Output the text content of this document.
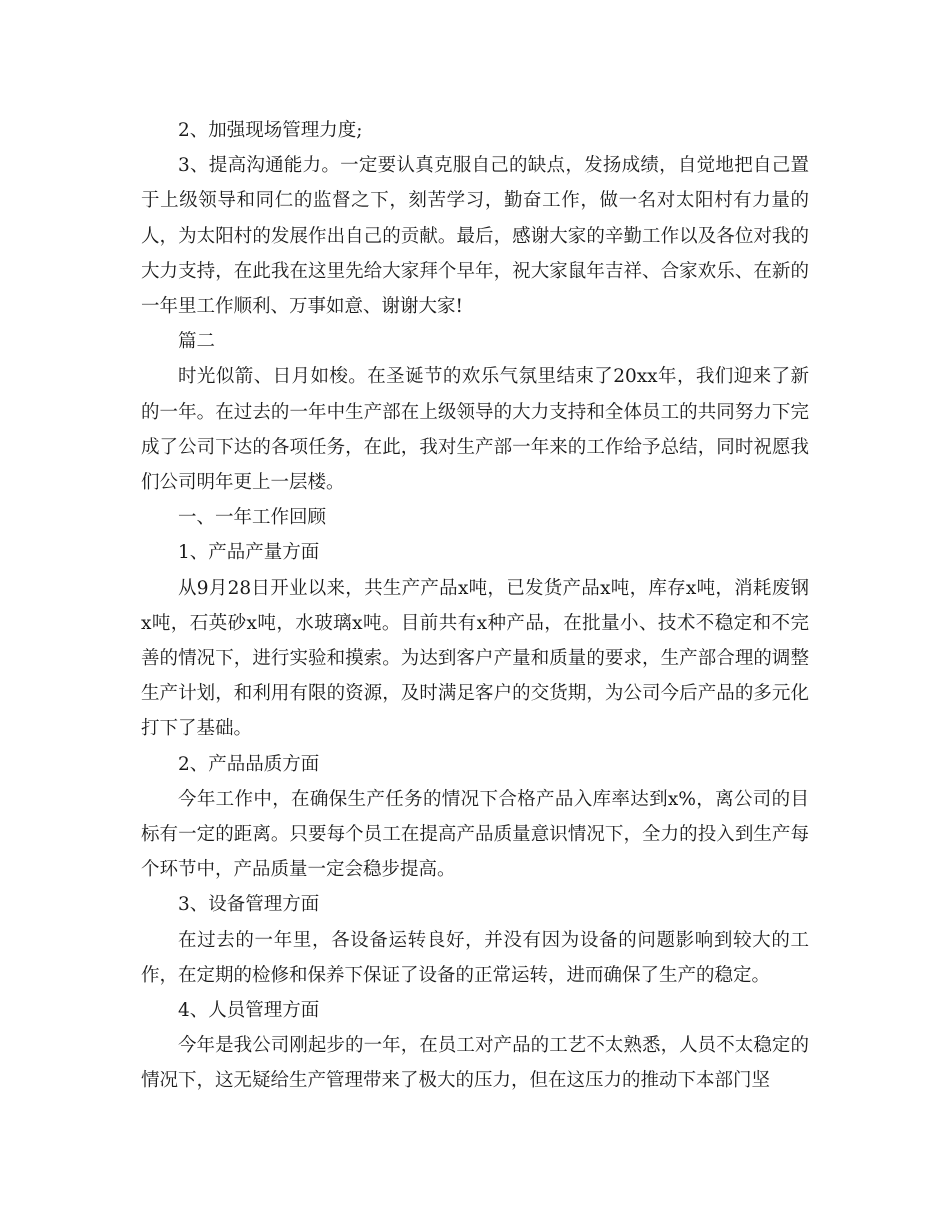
2、加强现场管理力度;

3、提高沟通能力。一定要认真克服自己的缺点，发扬成绩，自觉地把自己置于上级领导和同仁的监督之下，刻苦学习，勤奋工作，做一名对太阳村有力量的人，为太阳村的发展作出自己的贡献。最后，感谢大家的辛勤工作以及各位对我的大力支持，在此我在这里先给大家拜个早年，祝大家鼠年吉祥、合家欢乐、在新的一年里工作顺利、万事如意、谢谢大家!

篇二

时光似箭、日月如梭。在圣诞节的欢乐气氛里结束了20xx年，我们迎来了新的一年。在过去的一年中生产部在上级领导的大力支持和全体员工的共同努力下完成了公司下达的各项任务，在此，我对生产部一年来的工作给予总结，同时祝愿我们公司明年更上一层楼。

一、一年工作回顾

1、产品产量方面

从9月28日开业以来，共生产产品x吨，已发货产品x吨，库存x吨，消耗废钢x吨，石英砂x吨，水玻璃x吨。目前共有x种产品，在批量小、技术不稳定和不完善的情况下，进行实验和摸索。为达到客户产量和质量的要求，生产部合理的调整生产计划，和利用有限的资源，及时满足客户的交货期，为公司今后产品的多元化打下了基础。

2、产品品质方面

今年工作中，在确保生产任务的情况下合格产品入库率达到x%，离公司的目标有一定的距离。只要每个员工在提高产品质量意识情况下，全力的投入到生产每个环节中，产品质量一定会稳步提高。

3、设备管理方面

在过去的一年里，各设备运转良好，并没有因为设备的问题影响到较大的工作，在定期的检修和保养下保证了设备的正常运转，进而确保了生产的稳定。

4、人员管理方面

今年是我公司刚起步的一年，在员工对产品的工艺不太熟悉，人员不太稳定的情况下，这无疑给生产管理带来了极大的压力，但在这压力的推动下本部门坚
